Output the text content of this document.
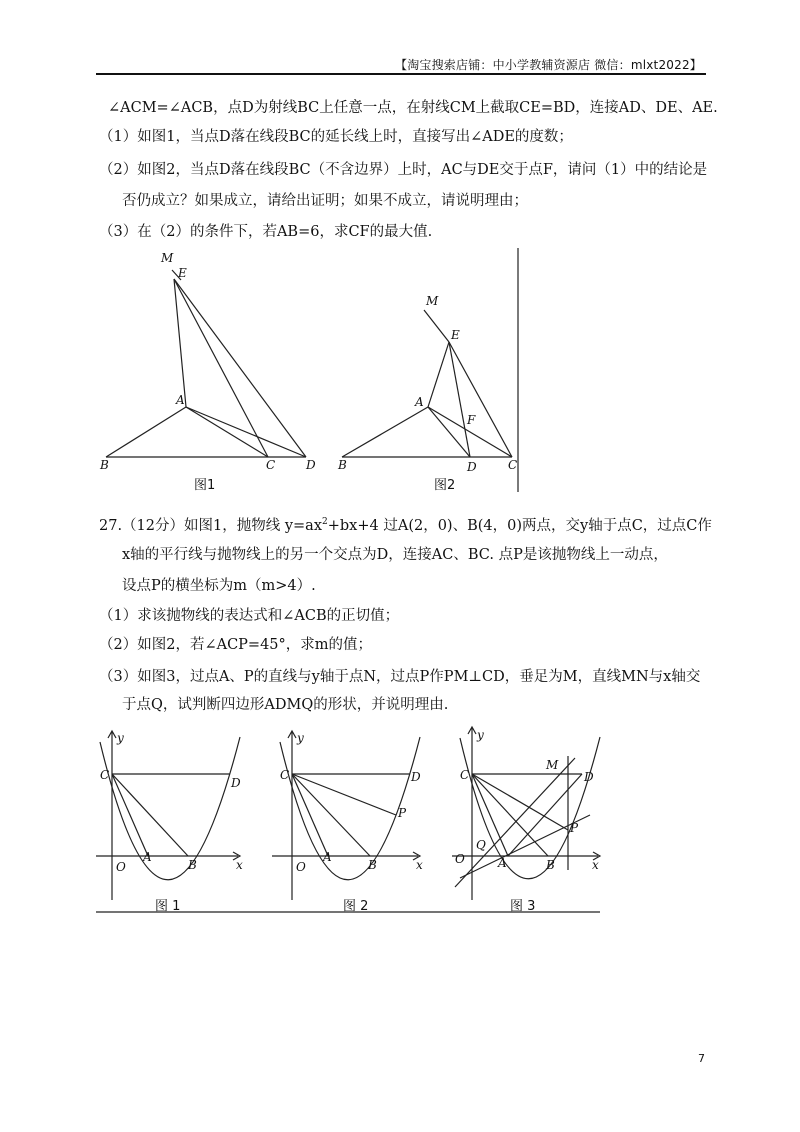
【淘宝搜索店铺：中小学教辅资源店 微信：mlxt2022】
∠ACM=∠ACB，点D为射线BC上任意一点，在射线CM上截取CE=BD，连接AD、DE、AE.
（1）如图1，当点D落在线段BC的延长线上时，直接写出∠ADE的度数；
（2）如图2，当点D落在线段BC（不含边界）上时，AC与DE交于点F，请问（1）中的结论是
否仍成立？如果成立，请给出证明；如果不成立，请说明理由；
（3）在（2）的条件下，若AB=6，求CF的最大值.
M
E
A
B	C	D
图1
M
E
A
F
B	D	C
图2
27.（12分）如图1，抛物线 $y=ax^2+bx+4$ 过A(2，0)、B(4，0)两点，交y轴于点C，过点C作
x轴的平行线与抛物线上的另一个交点为D，连接AC、BC. 点P是该抛物线上一动点，
设点P的横坐标为m（m>4）.
（1）求该抛物线的表达式和∠ACB的正切值；
（2）如图2，若∠ACP=45°，求m的值；
（3）如图3，过点A、P的直线与y轴于点N，过点P作PM⊥CD，垂足为M，直线MN与x轴交
于点Q，试判断四边形ADMQ的形状，并说明理由.
y
C
D
O
A
B	x
图 1
y
C	D
P
O
A
B	x
图 2
y
C
M
D
P
Q
O	A	B	x
图 3
7
